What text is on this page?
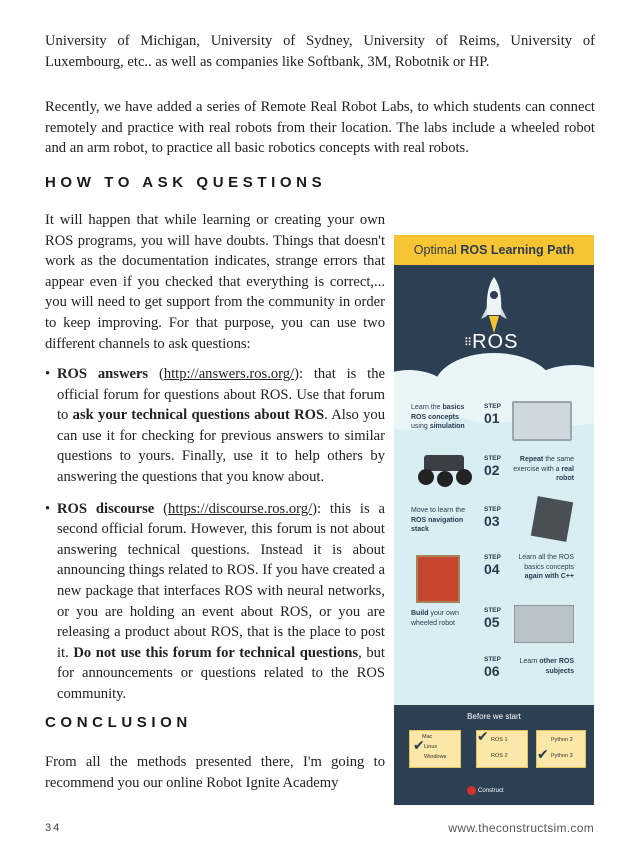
University of Michigan, University of Sydney, University of Reims, University of Luxembourg, etc.. as well as companies like Softbank, 3M, Robotnik or HP.

Recently, we have added a series of Remote Real Robot Labs, to which students can connect remotely and practice with real robots from their location. The labs include a wheeled robot and an arm robot, to practice all basic robotics concepts with real robots.

HOW TO ASK QUESTIONS

It will happen that while learning or creating your own ROS programs, you will have doubts. Things that doesn't work as the documentation indicates, strange errors that appear even if you checked that everything is correct,... you will need to get support from the community in order to keep improving. For that purpose, you can use two different channels to ask questions:

• ROS answers (http://answers.ros.org/): that is the official forum for questions about ROS. Use that forum to ask your technical questions about ROS. Also you can use it for checking for previous answers to similar questions to yours. Finally, use it to help others by answering the questions that you know about.
• ROS discourse (https://discourse.ros.org/): this is a second official forum. However, this forum is not about answering technical questions. Instead it is about announcing things related to ROS. If you have created a new package that interfaces ROS with neural networks, or you are holding an event about ROS, or you are releasing a product about ROS, that is the place to post it. Do not use this forum for technical questions, but for announcements or questions related to the ROS community.
CONCLUSION

From all the methods presented there, I'm going to recommend you our online Robot Ignite Academy

34	www.theconstructsim.com
Optimal ROS Learning Path
⠿ROS
Learn the basics
ROS concepts
using simulation
STEP
01
STEP
02
Repeat the same
exercise with a real
robot
Move to learn the
ROS navigation
stack
STEP
03
STEP
04
Learn all the ROS
basics concepts
again with C++
Build your own
wheeled robot
STEP
05
STEP
06
Learn other ROS
subjects
Before we start
Mac
Linux
Windows
✔	ROS 1
ROS 2
✔	Python 2
Python 3
✔
Construct
